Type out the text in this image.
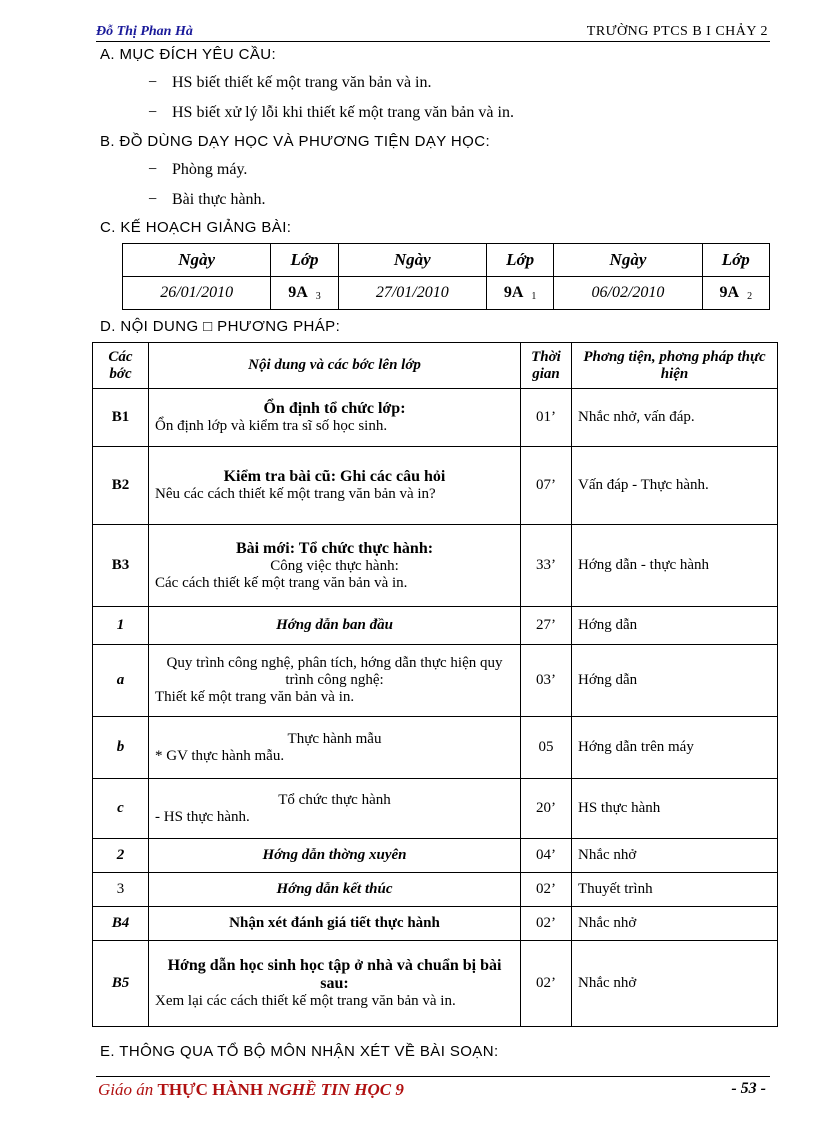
Đỗ Thị Phan Hà	TRƯỜNG PTCS B I CHẢY 2
A. MỤC ĐÍCH YÊU CẦU:
− HS biết thiết kế một trang văn bản và in.
− HS biết xử lý lỗi khi thiết kế một trang văn bản và in.
B. ĐỒ DÙNG DẠY HỌC VÀ PHƯƠNG TIỆN DẠY HỌC:
− Phòng máy.
− Bài thực hành.
C. KẾ HOẠCH GIẢNG BÀI:
Ngày	Lớp	Ngày	Lớp	Ngày	Lớp
26/01/2010	9A $_3$	27/01/2010	9A $_1$	06/02/2010	9A $_2$
D. NỘI DUNG □ PHƯƠNG PHÁP:
Các bớc	Nội dung và các bớc lên lớp	Thời gian	Phơng tiện, phơng pháp thực hiện
B1	Ổn định tổ chức lớp:
Ổn định lớp và kiểm tra sĩ số học sinh.	01’	Nhắc nhở, vấn đáp.
B2	Kiểm tra bài cũ: Ghi các câu hỏi
Nêu các cách thiết kế một trang văn bản và in?	07’	Vấn đáp - Thực hành.
B3	Bài mới: Tổ chức thực hành:
Công việc thực hành:
Các cách thiết kế một trang văn bản và in.	33’	Hớng dẫn - thực hành
1	Hớng dẫn ban đầu	27’	Hớng dẫn
a	Quy trình công nghệ, phân tích, hớng dẫn thực hiện quy trình công nghệ:
Thiết kế một trang văn bản và in.	03’	Hớng dẫn
b	Thực hành mẫu
* GV thực hành mẫu.	05	Hớng dẫn trên máy
c	Tổ chức thực hành
- HS thực hành.	20’	HS thực hành
2	Hớng dẫn thờng xuyên	04’	Nhắc nhở
3	Hớng dẫn kết thúc	02’	Thuyết trình
B4	Nhận xét đánh giá tiết thực hành	02’	Nhắc nhở
B5	Hớng dẫn học sinh học tập ở nhà và chuẩn bị bài sau:
Xem lại các cách thiết kế một trang văn bản và in.	02’	Nhắc nhở
E. THÔNG QUA TỔ BỘ MÔN NHẬN XÉT VỀ BÀI SOẠN:
Giáo án THỰC HÀNH NGHỀ TIN HỌC 9	- 53 -
